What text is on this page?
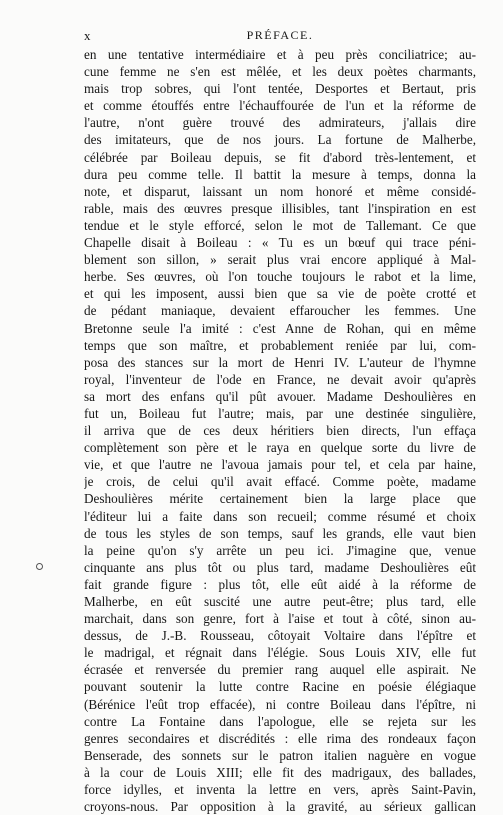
x	PRÉFACE.
en une tentative intermédiaire et à peu près conciliatrice; au-
cune femme ne s'en est mêlée, et les deux poètes charmants,
mais trop sobres, qui l'ont tentée, Desportes et Bertaut, pris
et comme étouffés entre l'échauffourée de l'un et la réforme de
l'autre, n'ont guère trouvé des admirateurs, j'allais dire
des imitateurs, que de nos jours. La fortune de Malherbe,
célébrée par Boileau depuis, se fit d'abord très-lentement, et
dura peu comme telle. Il battit la mesure à temps, donna la
note, et disparut, laissant un nom honoré et même considé-
rable, mais des œuvres presque illisibles, tant l'inspiration en est
tendue et le style efforcé, selon le mot de Tallemant. Ce que
Chapelle disait à Boileau : « Tu es un bœuf qui trace péni-
blement son sillon, » serait plus vrai encore appliqué à Mal-
herbe. Ses œuvres, où l'on touche toujours le rabot et la lime,
et qui les imposent, aussi bien que sa vie de poète crotté et
de pédant maniaque, devaient effaroucher les femmes. Une
Bretonne seule l'a imité : c'est Anne de Rohan, qui en même
temps que son maître, et probablement reniée par lui, com-
posa des stances sur la mort de Henri IV. L'auteur de l'hymne
royal, l'inventeur de l'ode en France, ne devait avoir qu'après
sa mort des enfans qu'il pût avouer. Madame Deshoulières en
fut un, Boileau fut l'autre; mais, par une destinée singulière,
il arriva que de ces deux héritiers bien directs, l'un effaça
complètement son père et le raya en quelque sorte du livre de
vie, et que l'autre ne l'avoua jamais pour tel, et cela par haine,
je crois, de celui qu'il avait effacé. Comme poète, madame
Deshoulières mérite certainement bien la large place que
l'éditeur lui a faite dans son recueil; comme résumé et choix
de tous les styles de son temps, sauf les grands, elle vaut bien
la peine qu'on s'y arrête un peu ici. J'imagine que, venue
cinquante ans plus tôt ou plus tard, madame Deshoulières eût
fait grande figure : plus tôt, elle eût aidé à la réforme de
Malherbe, en eût suscité une autre peut-être; plus tard, elle
marchait, dans son genre, fort à l'aise et tout à côté, sinon au-
dessus, de J.-B. Rousseau, côtoyait Voltaire dans l'épître et
le madrigal, et régnait dans l'élégie. Sous Louis XIV, elle fut
écrasée et renversée du premier rang auquel elle aspirait. Ne
pouvant soutenir la lutte contre Racine en poésie élégiaque
(Bérénice l'eût trop effacée), ni contre Boileau dans l'épître, ni
contre La Fontaine dans l'apologue, elle se rejeta sur les
genres secondaires et discrédités : elle rima des rondeaux façon
Benserade, des sonnets sur le patron italien naguère en vogue
à la cour de Louis XIII; elle fit des madrigaux, des ballades,
force idylles, et inventa la lettre en vers, après Saint-Pavin,
croyons-nous. Par opposition à la gravité, au sérieux gallican
